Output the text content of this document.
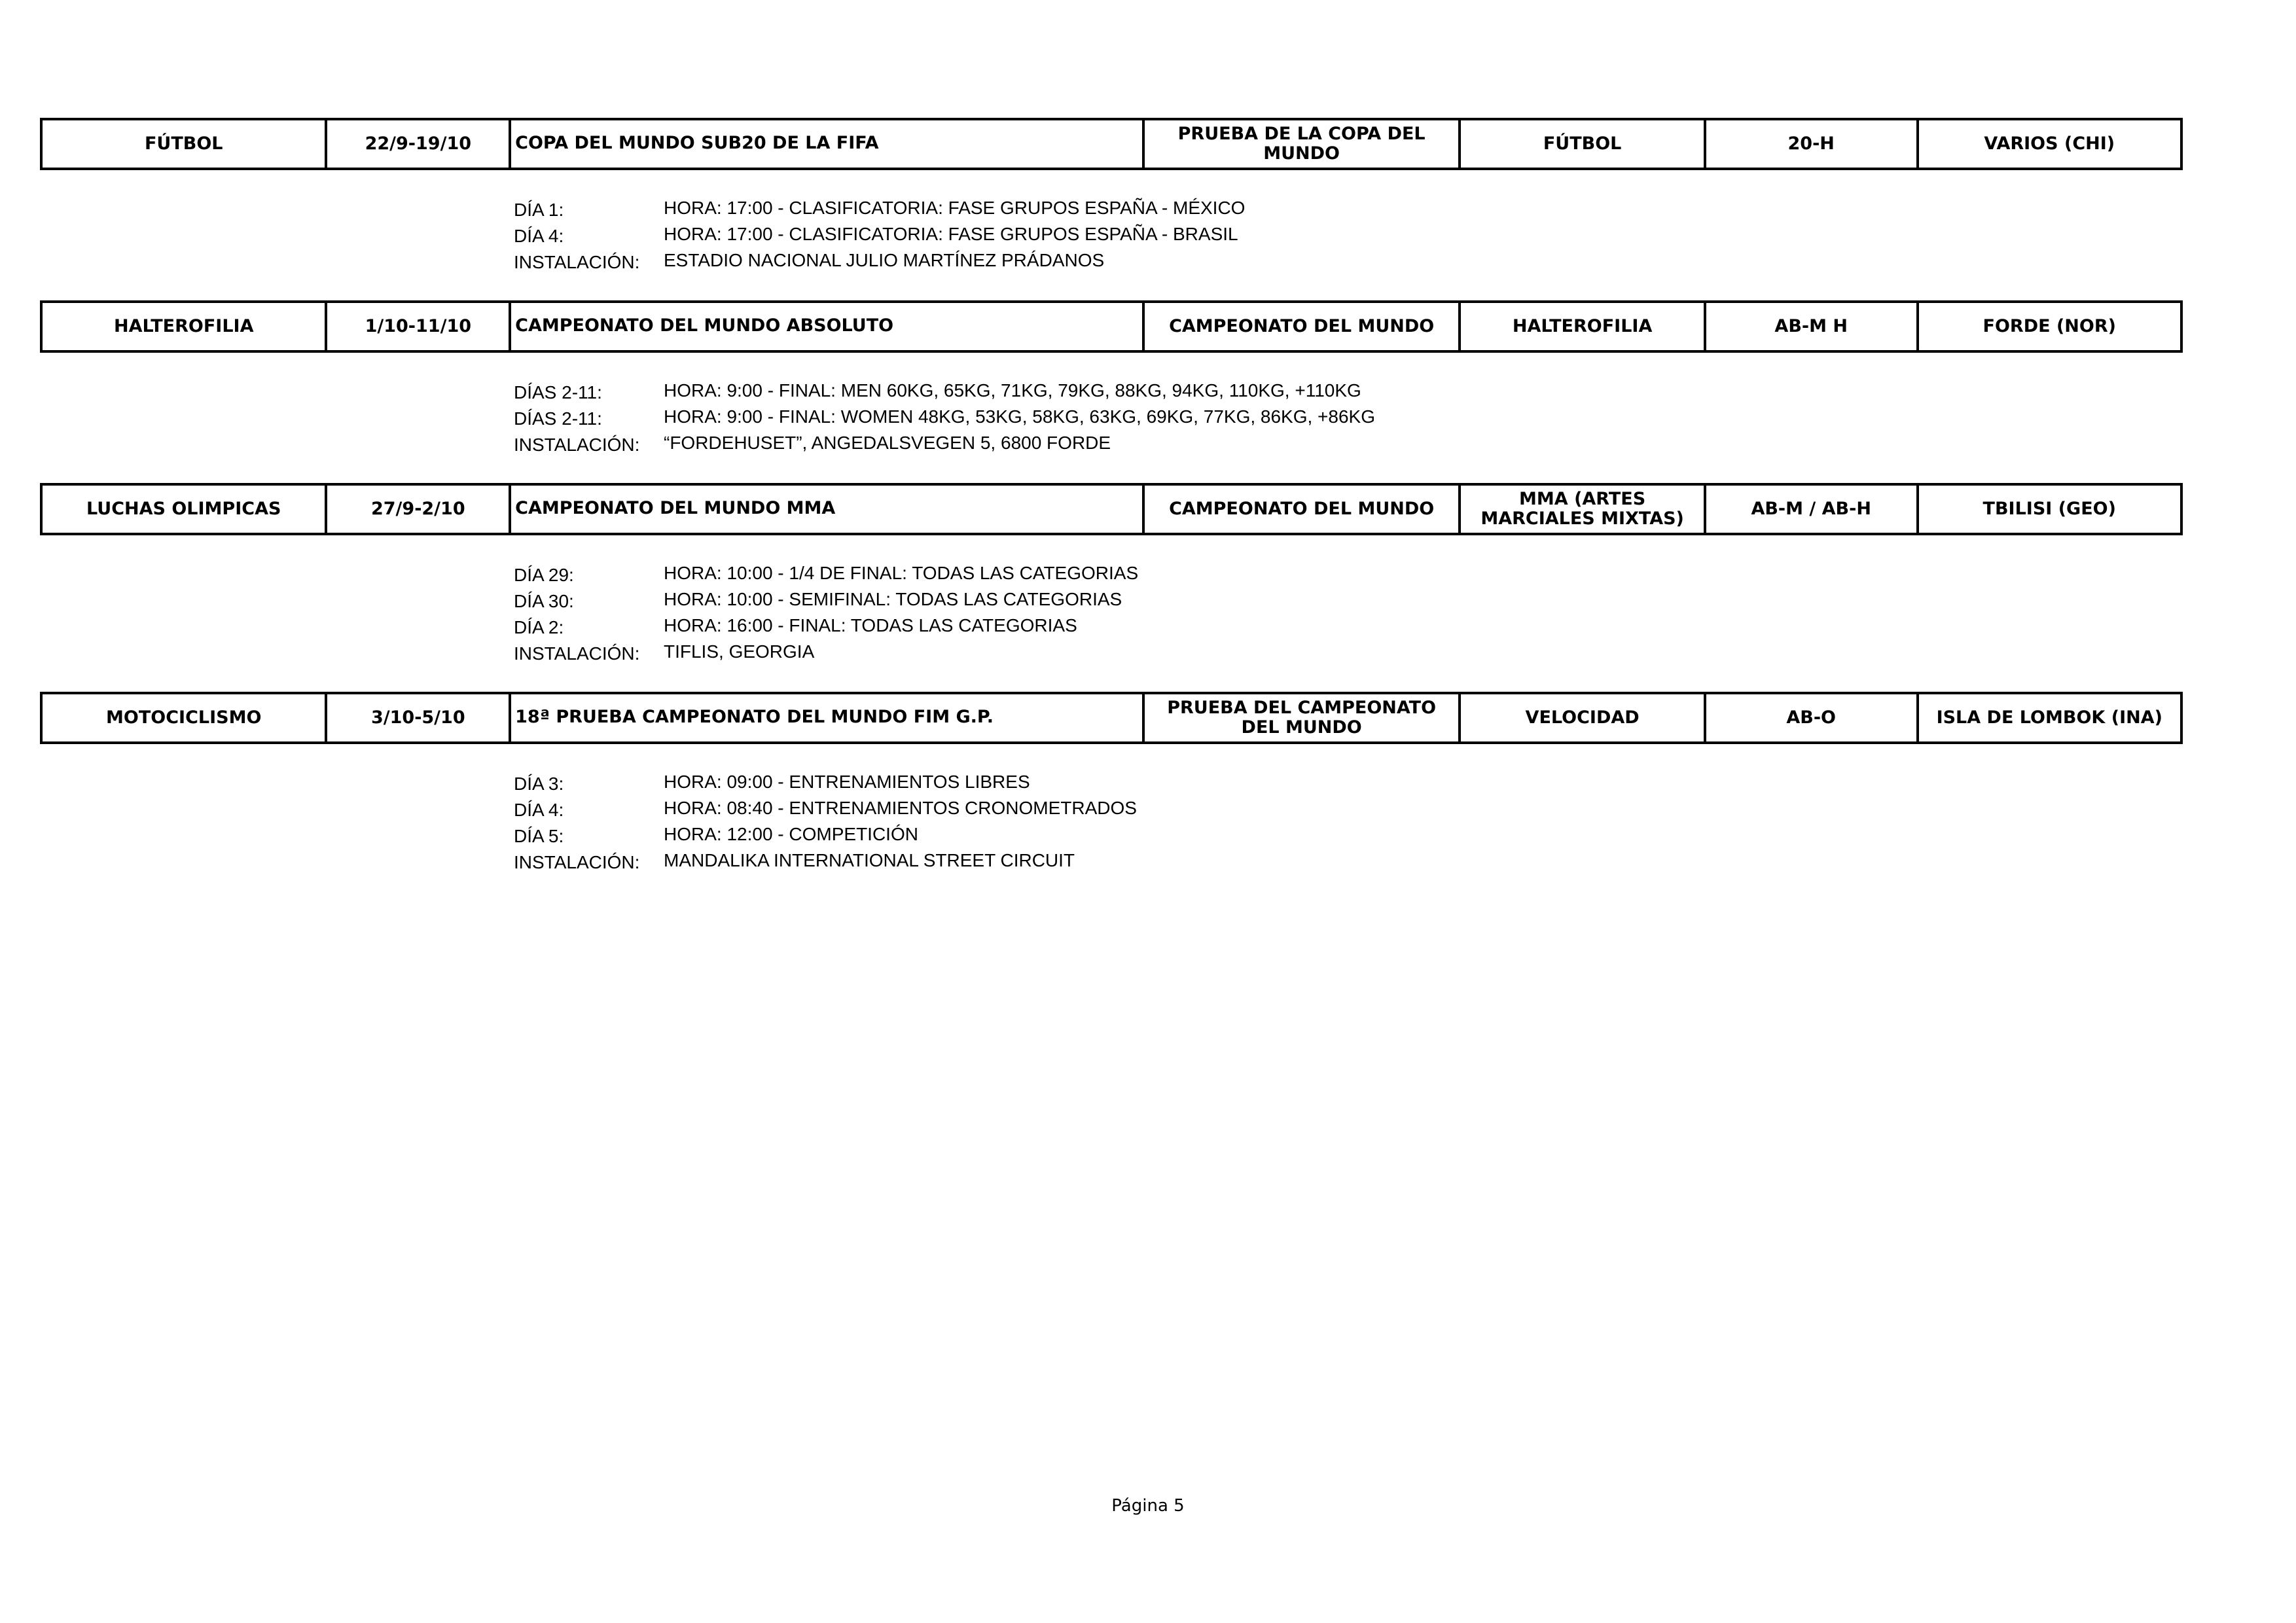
FÚTBOL	22/9-19/10	COPA DEL MUNDO SUB20 DE LA FIFA	PRUEBA DE LA COPA DEL MUNDO	FÚTBOL	20-H	VARIOS (CHI)
DÍA 1:	HORA: 17:00 - CLASIFICATORIA: FASE GRUPOS ESPAÑA - MÉXICO
DÍA 4:	HORA: 17:00 - CLASIFICATORIA: FASE GRUPOS ESPAÑA - BRASIL
INSTALACIÓN:	ESTADIO NACIONAL JULIO MARTÍNEZ PRÁDANOS
HALTEROFILIA	1/10-11/10	CAMPEONATO DEL MUNDO ABSOLUTO	CAMPEONATO DEL MUNDO	HALTEROFILIA	AB-M H	FORDE (NOR)
DÍAS 2-11:	HORA: 9:00 - FINAL: MEN 60KG, 65KG, 71KG, 79KG, 88KG, 94KG, 110KG, +110KG
DÍAS 2-11:	HORA: 9:00 - FINAL: WOMEN 48KG, 53KG, 58KG, 63KG, 69KG, 77KG, 86KG, +86KG
INSTALACIÓN:	“FORDEHUSET”, ANGEDALSVEGEN 5, 6800 FORDE
LUCHAS OLIMPICAS	27/9-2/10	CAMPEONATO DEL MUNDO MMA	CAMPEONATO DEL MUNDO	MMA (ARTES MARCIALES MIXTAS)	AB-M / AB-H	TBILISI (GEO)
DÍA 29:	HORA: 10:00 - 1/4 DE FINAL: TODAS LAS CATEGORIAS
DÍA 30:	HORA: 10:00 - SEMIFINAL: TODAS LAS CATEGORIAS
DÍA 2:	HORA: 16:00 - FINAL: TODAS LAS CATEGORIAS
INSTALACIÓN:	TIFLIS, GEORGIA
MOTOCICLISMO	3/10-5/10	18ª PRUEBA CAMPEONATO DEL MUNDO FIM G.P.	PRUEBA DEL CAMPEONATO DEL MUNDO	VELOCIDAD	AB-O	ISLA DE LOMBOK (INA)
DÍA 3:	HORA: 09:00 - ENTRENAMIENTOS LIBRES
DÍA 4:	HORA: 08:40 - ENTRENAMIENTOS CRONOMETRADOS
DÍA 5:	HORA: 12:00 - COMPETICIÓN
INSTALACIÓN:	MANDALIKA INTERNATIONAL STREET CIRCUIT
Página 5
